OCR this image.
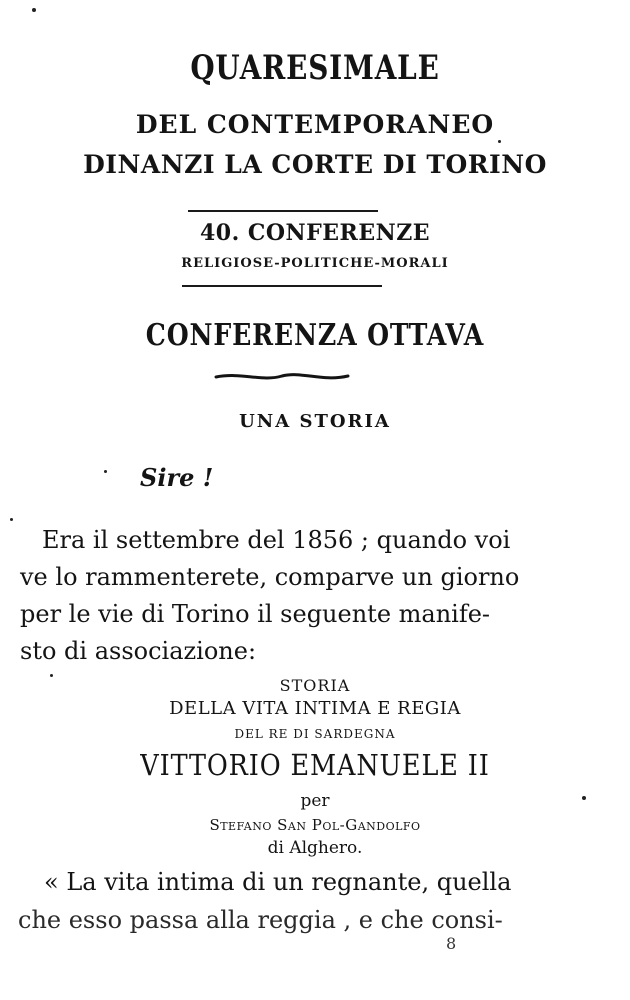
QUARESIMALE
DEL CONTEMPORANEO
DINANZI LA CORTE DI TORINO
40. CONFERENZE
RELIGIOSE-POLITICHE-MORALI
CONFERENZA OTTAVA
UNA STORIA
Sire !
Era il settembre del 1856 ; quando voi
ve lo rammenterete, comparve un giorno
per le vie di Torino il seguente manife-
sto di associazione:
STORIA
DELLA VITA INTIMA E REGIA
DEL RE DI SARDEGNA
VITTORIO EMANUELE II
per
Stefano San Pol-Gandolfo
di Alghero.
« La vita intima di un regnante, quella
che esso passa alla reggia , e che consi-
8
